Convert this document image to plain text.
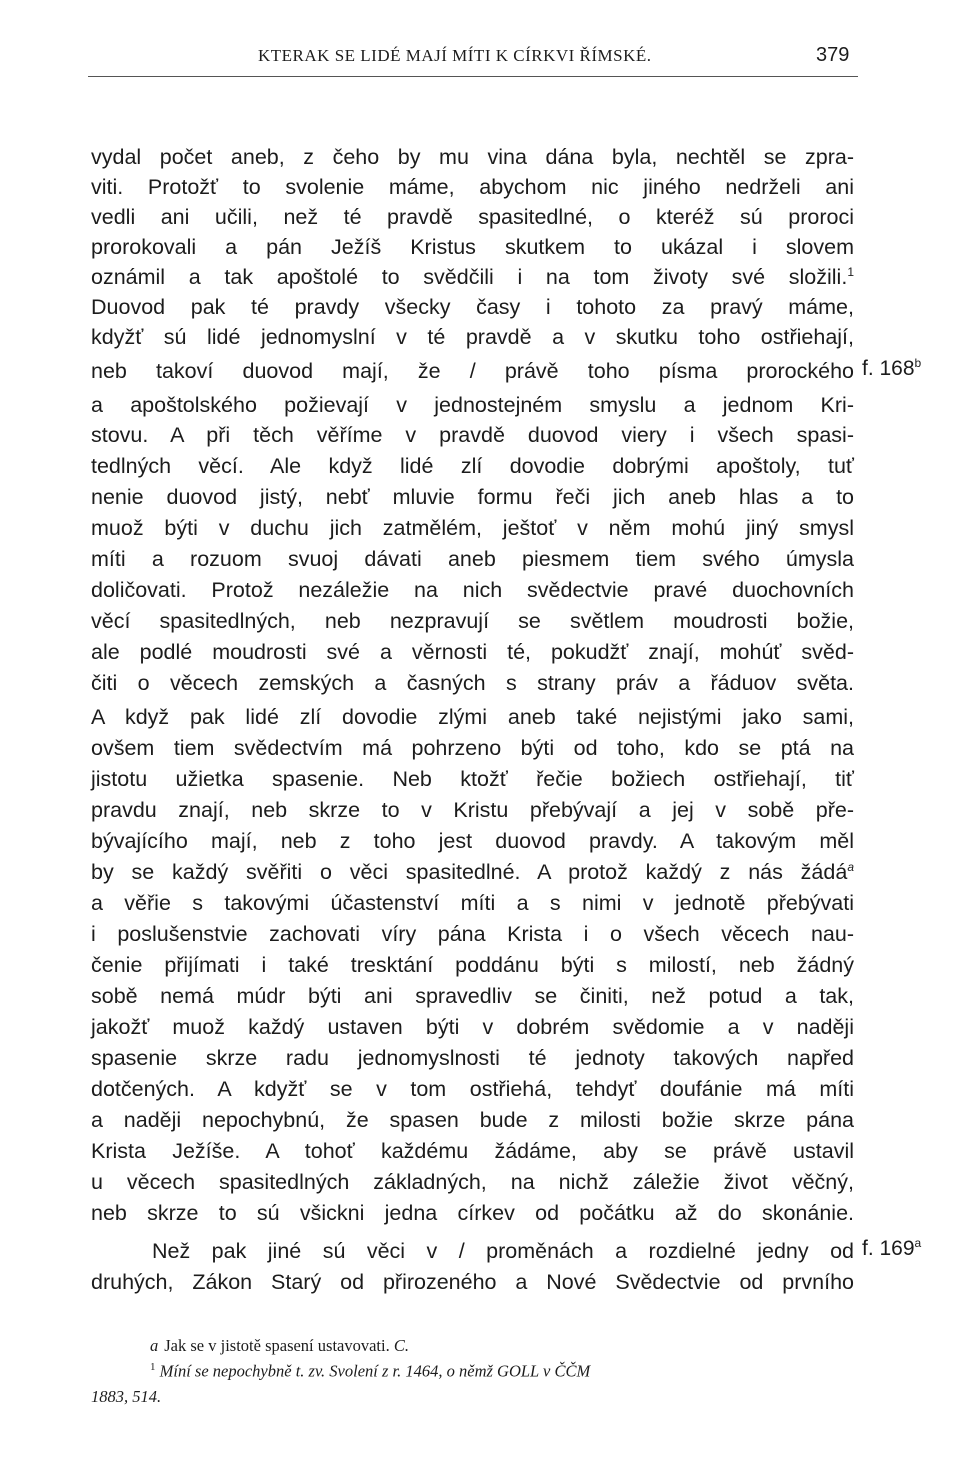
KTERAK SE LIDÉ MAJÍ MÍTI K CÍRKVI ŘÍMSKÉ.	379
vydal počet aneb, z čeho by mu vina dána byla, nechtěl se zpra-
viti. Protožť to svolenie máme, abychom nic jiného nedrželi ani
vedli ani učili, než té pravdě spasitedlné, o kteréž sú proroci
prorokovali a pán Ježíš Kristus skutkem to ukázal i slovem
oznámil a tak apoštolé to svědčili i na tom životy své složili.$^1$
Duovod pak té pravdy všecky časy i tohoto za pravý máme,
kdyžť sú lidé jednomyslní v té pravdě a v skutku toho ostřiehají,
neb takoví duovod mají, že / právě toho písma prorockého
a apoštolského požievají v jednostejném smyslu a jednom Kri-
stovu. A při těch věříme v pravdě duovod viery i všech spasi-
tedlných věcí. Ale když lidé zlí dovodie dobrými apoštoly, tuť
nenie duovod jistý, nebť mluvie formu řeči jich aneb hlas a to
muož býti v duchu jich zatmělém, ještoť v něm mohú jiný smysl
míti a rozuom svuoj dávati aneb piesmem tiem svého úmysla
doličovati. Protož nezáležie na nich svědectvie pravé duochovních
věcí spasitedlných, neb nezpravují se světlem moudrosti božie,
ale podlé moudrosti své a věrnosti té, pokudžť znají, mohúť svěd-
čiti o věcech zemských a časných s strany práv a řáduov světa.
A když pak lidé zlí dovodie zlými aneb také nejistými jako sami,
ovšem tiem svědectvím má pohrzeno býti od toho, kdo se ptá na
jistotu užietka spasenie. Neb ktožť řečie božiech ostřiehají, tiť
pravdu znají, neb skrze to v Kristu přebývají a jej v sobě pře-
bývajícího mají, neb z toho jest duovod pravdy. A takovým měl
by se každý svěřiti o věci spasitedlné. A protož každý z nás žádá$^a$
a věřie s takovými účastenství míti a s nimi v jednotě přebývati
i poslušenstvie zachovati víry pána Krista i o všech věcech nau-
čenie přijímati i také tresktání poddánu býti s milostí, neb žádný
sobě nemá múdr býti ani spravedliv se činiti, než potud a tak,
jakožť muož každý ustaven býti v dobrém svědomie a v naději
spasenie skrze radu jednomyslnosti té jednoty takových napřed
dotčených. A kdyžť se v tom ostřiehá, tehdyť doufánie má míti
a naději nepochybnú, že spasen bude z milosti božie skrze pána
Krista Ježíše. A tohoť každému žádáme, aby se právě ustavil
u věcech spasitedlných základných, na nichž záležie život věčný,
neb skrze to sú všickni jedna církev od počátku až do skonánie.
Než pak jiné sú věci v / proměnách a rozdielné jedny od
druhých, Zákon Starý od přirozeného a Nové Svědectvie od prvního
f. 168$^b$
f. 169$^a$
a Jak se v jistotě spasení ustavovati. C.
$^1$ Míní se nepochybně t. zv. Svolení z r. 1464, o němž GOLL v ČČM
1883, 514.
